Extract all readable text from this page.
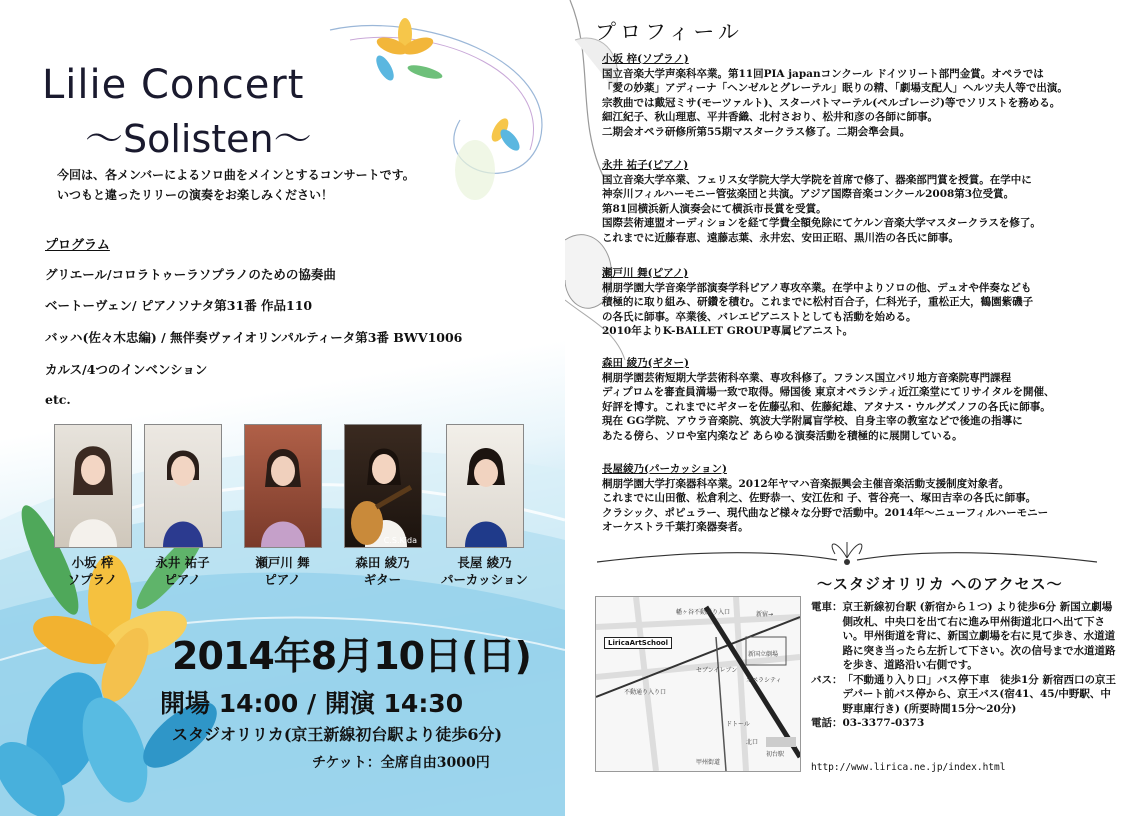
Lilie Concert
～Solisten～
今回は、各メンバーによるソロ曲をメインとするコンサートです。
いつもと違ったリリーの演奏をお楽しみください！
プログラム
グリエール/コロラトゥーラソプラノのための協奏曲
ベートーヴェン/ ピアノソナタ第31番 作品110
バッハ(佐々木忠編) / 無伴奏ヴァイオリンパルティータ第3番 BWV1006
カルス/4つのインベンション
etc.
C.S.Kida
小坂 梓
ソプラノ
永井 祐子
ピアノ
瀬戸川 舞
ピアノ
森田 綾乃
ギター
長屋 綾乃
パーカッション
2014年8月10日(日)
開場 14:00 / 開演 14:30
スタジオリリカ(京王新線初台駅より徒歩6分)
チケット：全席自由3000円
プロフィール

小坂 梓(ソプラノ)

国立音楽大学声楽科卒業。第11回PIA japanコンクール ドイツリート部門金賞。オペラでは

「愛の妙薬」アディーナ「ヘンゼルとグレーテル」眠りの精、「劇場支配人」ヘルツ夫人等で出演。

宗教曲では戴冠ミサ(モーツァルト)、スターバトマーテル(ペルゴレージ)等でソリストを務める。

細江紀子、秋山理恵、平井香織、北村さおり、松井和彦の各師に師事。

二期会オペラ研修所第55期マスタークラス修了。二期会準会員。

永井 祐子(ピアノ)

国立音楽大学卒業、フェリス女学院大学大学院を首席で修了、器楽部門賞を授賞。在学中に

神奈川フィルハーモニー管弦楽団と共演。アジア国際音楽コンクール2008第3位受賞。

第81回横浜新人演奏会にて横浜市長賞を受賞。

国際芸術連盟オーディションを経て学費全額免除にてケルン音楽大学マスタークラスを修了。

これまでに近藤春恵、遠藤志葉、永井宏、安田正昭、黒川浩の各氏に師事。

瀬戸川 舞(ピアノ)

桐朋学園大学音楽学部演奏学科ピアノ専攻卒業。在学中よりソロの他、デュオや伴奏なども

積極的に取り組み、研鑽を積む。これまでに松村百合子，仁科光子，重松正大，鶴園紫磯子

の各氏に師事。卒業後、バレエピアニストとしても活動を始める。

2010年よりK-BALLET GROUP専属ピアニスト。

森田 綾乃(ギター)

桐朋学園芸術短期大学芸術科卒業、専攻科修了。フランス国立パリ地方音楽院専門課程

ディプロムを審査員満場一致で取得。帰国後 東京オペラシティ近江楽堂にてリサイタルを開催、

好評を博す。これまでにギターを佐藤弘和、佐藤紀雄、アタナス・ウルグズノフの各氏に師事。

現在 GG学院、アウラ音楽院、筑波大学附属盲学校、自身主宰の教室などで後進の指導に

あたる傍ら、ソロや室内楽など あらゆる演奏活動を積極的に展開している。

長屋綾乃(パーカッション)

桐朋学園大学打楽器科卒業。2012年ヤマハ音楽振興会主催音楽活動支援制度対象者。

これまでに山田徹、松倉利之、佐野恭一、安江佐和 子、菅谷亮一、塚田吉幸の各氏に師事。

クラシック、ポピュラー、現代曲など様々な分野で活動中。2014年～ニューフィルハーモニー

オーケストラ千葉打楽器奏者。

LiricaArtSchool
幡ヶ谷不動通り入口
新国立劇場
オペラシティ
初台駅
甲州街道
ドトール
北口
新宿→
セブンイレブン
不動通り入り口
～スタジオリリカ へのアクセス～
電車： 京王新線初台駅 (新宿から１つ) より徒歩6分 新国立劇場側改札、中央口を出て右に進み甲州街道北口へ出て下さい。甲州街道を背に、新国立劇場を右に見て歩き、水道道路に突き当ったら左折して下さい。次の信号まで水道道路を歩き、道路沿い右側です。
バス： 「不動通り入り口」バス停下車　徒歩1分 新宿西口の京王デパート前バス停から、京王バス(宿41、45/中野駅、中野車庫行き) (所要時間15分～20分)
電話： 03-3377-0373
http://www.lirica.ne.jp/index.html
